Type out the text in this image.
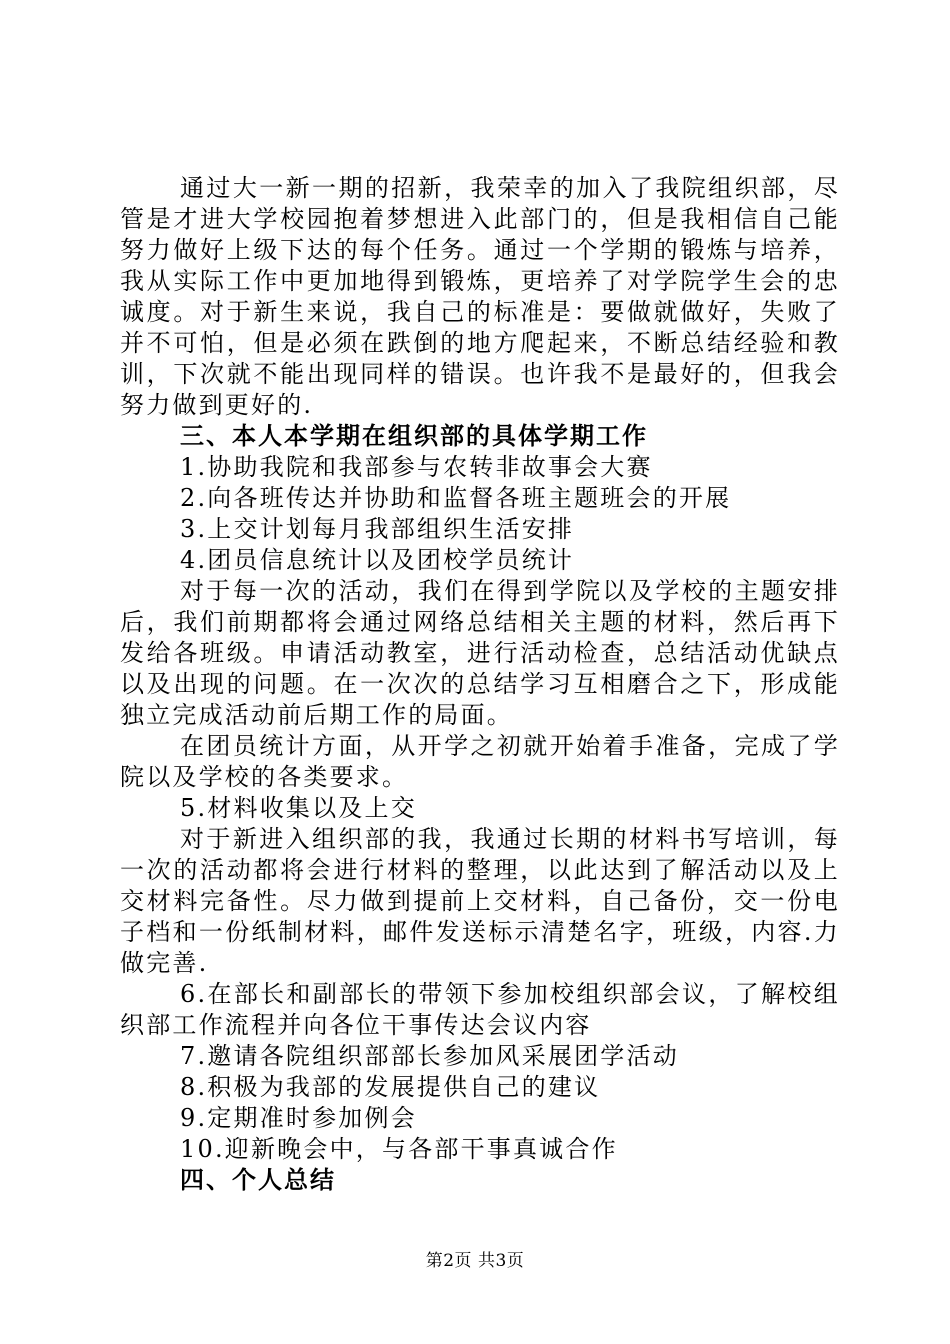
通过大一新一期的招新，我荣幸的加入了我院组织部，尽管是才进大学校园抱着梦想进入此部门的，但是我相信自己能努力做好上级下达的每个任务。通过一个学期的锻炼与培养，我从实际工作中更加地得到锻炼，更培养了对学院学生会的忠诚度。对于新生来说，我自己的标准是：要做就做好，失败了并不可怕，但是必须在跌倒的地方爬起来，不断总结经验和教训，下次就不能出现同样的错误。也许我不是最好的，但我会努力做到更好的.

三、本人本学期在组织部的具体学期工作

1.协助我院和我部参与农转非故事会大赛

2.向各班传达并协助和监督各班主题班会的开展

3.上交计划每月我部组织生活安排

4.团员信息统计以及团校学员统计

对于每一次的活动，我们在得到学院以及学校的主题安排后，我们前期都将会通过网络总结相关主题的材料，然后再下发给各班级。申请活动教室，进行活动检查，总结活动优缺点以及出现的问题。在一次次的总结学习互相磨合之下，形成能独立完成活动前后期工作的局面。

在团员统计方面，从开学之初就开始着手准备，完成了学院以及学校的各类要求。

5.材料收集以及上交

对于新进入组织部的我，我通过长期的材料书写培训，每一次的活动都将会进行材料的整理，以此达到了解活动以及上交材料完备性。尽力做到提前上交材料，自己备份，交一份电子档和一份纸制材料，邮件发送标示清楚名字，班级，内容.力做完善.

6.在部长和副部长的带领下参加校组织部会议，了解校组织部工作流程并向各位干事传达会议内容

7.邀请各院组织部部长参加风采展团学活动

8.积极为我部的发展提供自己的建议

9.定期准时参加例会

10.迎新晚会中，与各部干事真诚合作

四、个人总结

第2页 共3页
